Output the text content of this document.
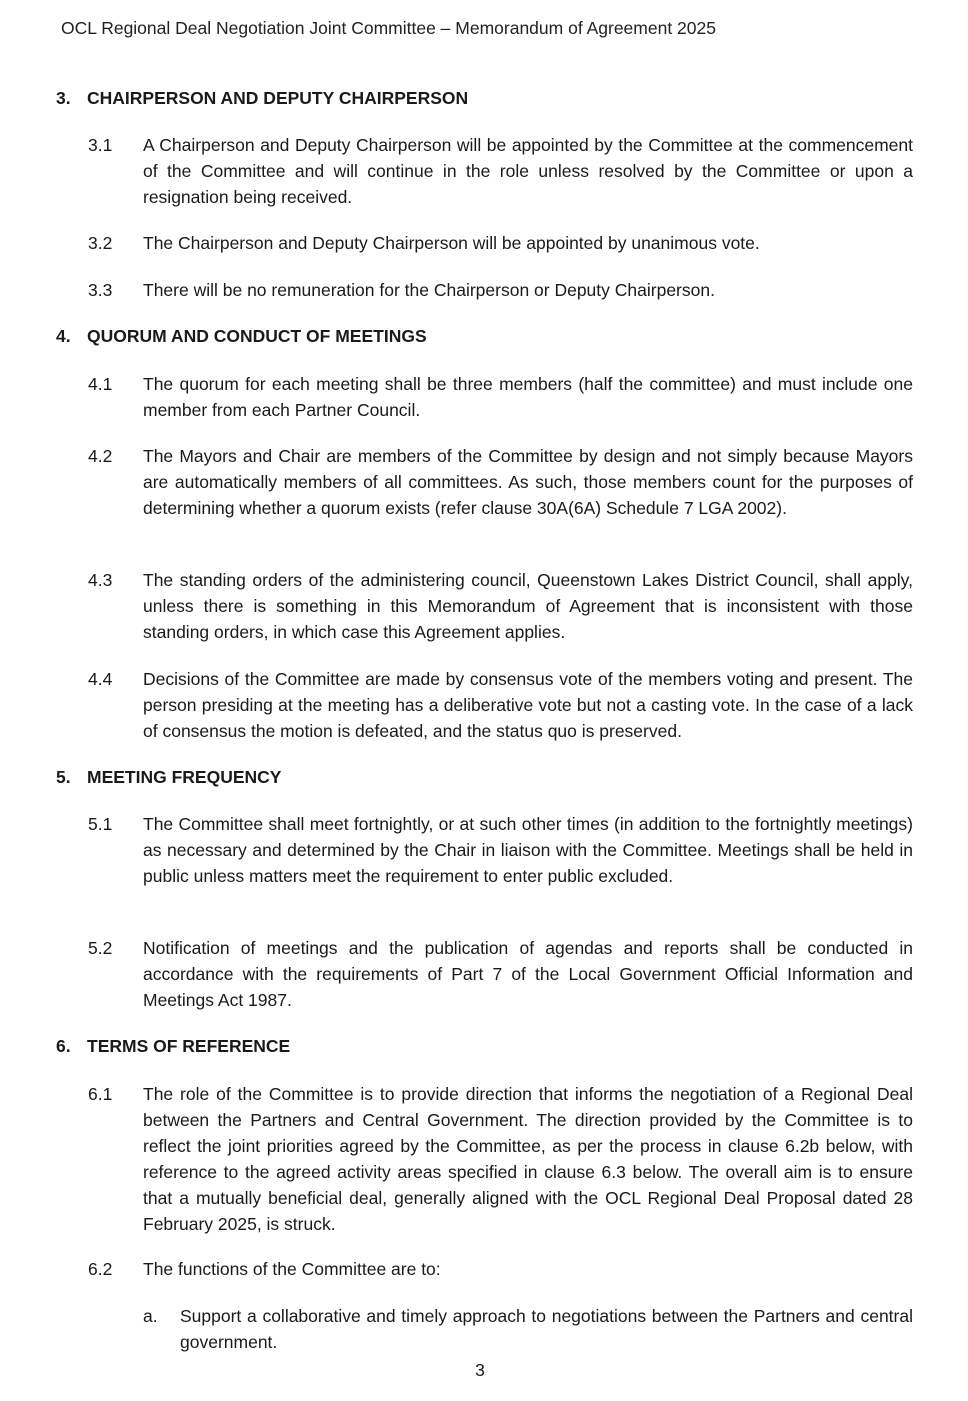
OCL Regional Deal Negotiation Joint Committee – Memorandum of Agreement 2025
3. CHAIRPERSON AND DEPUTY CHAIRPERSON
3.1 A Chairperson and Deputy Chairperson will be appointed by the Committee at the commencement of the Committee and will continue in the role unless resolved by the Committee or upon a resignation being received.
3.2 The Chairperson and Deputy Chairperson will be appointed by unanimous vote.
3.3 There will be no remuneration for the Chairperson or Deputy Chairperson.
4. QUORUM AND CONDUCT OF MEETINGS
4.1 The quorum for each meeting shall be three members (half the committee) and must include one member from each Partner Council.
4.2 The Mayors and Chair are members of the Committee by design and not simply because Mayors are automatically members of all committees. As such, those members count for the purposes of determining whether a quorum exists (refer clause 30A(6A) Schedule 7 LGA 2002).
4.3 The standing orders of the administering council, Queenstown Lakes District Council, shall apply, unless there is something in this Memorandum of Agreement that is inconsistent with those standing orders, in which case this Agreement applies.
4.4 Decisions of the Committee are made by consensus vote of the members voting and present. The person presiding at the meeting has a deliberative vote but not a casting vote. In the case of a lack of consensus the motion is defeated, and the status quo is preserved.
5. MEETING FREQUENCY
5.1 The Committee shall meet fortnightly, or at such other times (in addition to the fortnightly meetings) as necessary and determined by the Chair in liaison with the Committee. Meetings shall be held in public unless matters meet the requirement to enter public excluded.
5.2 Notification of meetings and the publication of agendas and reports shall be conducted in accordance with the requirements of Part 7 of the Local Government Official Information and Meetings Act 1987.
6. TERMS OF REFERENCE
6.1 The role of the Committee is to provide direction that informs the negotiation of a Regional Deal between the Partners and Central Government. The direction provided by the Committee is to reflect the joint priorities agreed by the Committee, as per the process in clause 6.2b below, with reference to the agreed activity areas specified in clause 6.3 below. The overall aim is to ensure that a mutually beneficial deal, generally aligned with the OCL Regional Deal Proposal dated 28 February 2025, is struck.
6.2 The functions of the Committee are to:
a. Support a collaborative and timely approach to negotiations between the Partners and central government.
3
